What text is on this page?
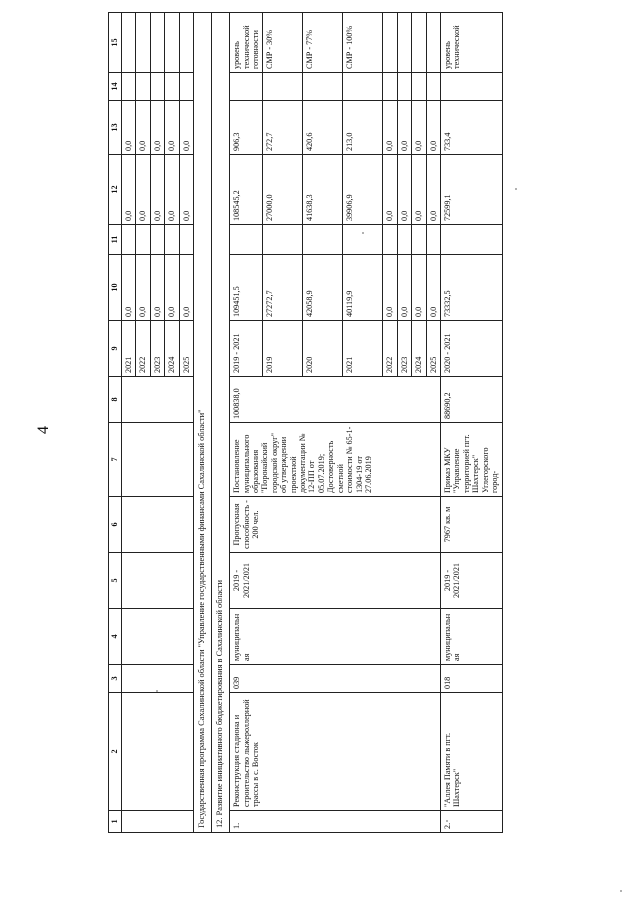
4
1	2	3	4	5	6	7	8	9	10	11	12	13	14	15
								2021	0,0		0,0	0,0		
								2022	0,0		0,0	0,0		
								2023	0,0		0,0	0,0		
								2024	0,0		0,0	0,0		
								2025	0,0		0,0	0,0		
Государственная программа Сахалинской области "Управление государственными финансами Сахалинской области"														
12. Развитие инициативного бюджетирования в Сахалинской области														
1.	Реконструкция стадиона и строительство лыжероллерной трассы в с. Восток	039	муниципальная	2019 - 2021/2021	Пропускная способность - 200 чел.	Постановление муниципального образования "Поронайский городской округ" об утверждении проектной документации № 12-ПП от 05.07.2019; Достоверность сметной стоимости № 65-1-1304-19 от 27.06.2019	100838,0	2019 - 2021	109451,5		108545,2	906,3		уровень технической готовности
								2019	27272,7		27000,0	272,7		СМР - 30%
								2020	42058,9		41638,3	420,6		СМР - 77%
								2021	40119,9		39906,9	213,0		СМР - 100%
								2022	0,0		0,0	0,0		
								2023	0,0		0,0	0,0		
								2024	0,0		0,0	0,0		
								2025	0,0		0,0	0,0		
2.	"Аллея Памяти в пгт. Шахтерск"	018	муниципальная	2019 - 2021/2021	7967 кв. м	Приказ МКУ "Управление территорией пгт. Шахтерск" Углегорского город-	88690,2	2020 - 2021	73332,5		72599,1	733,4		уровень технической
